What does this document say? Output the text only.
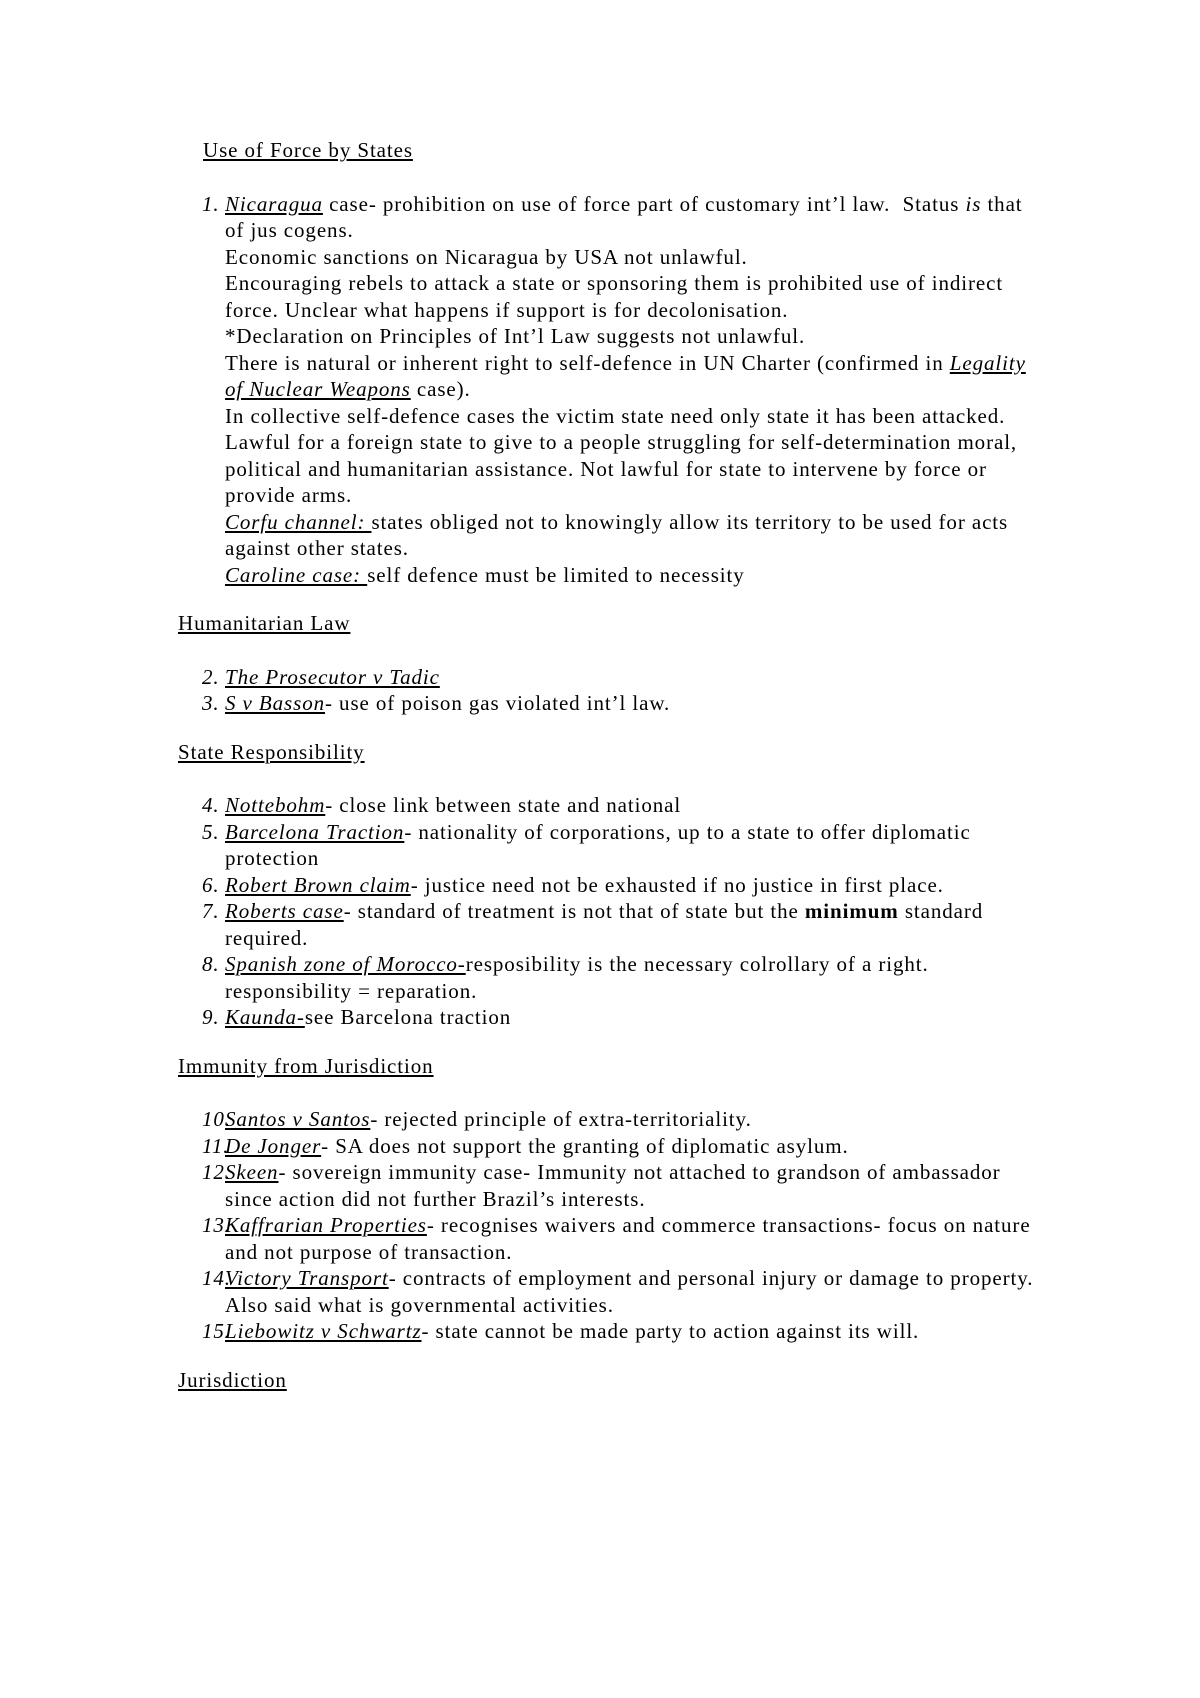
Use of Force by States
1. Nicaragua case- prohibition on use of force part of customary int’l law.  Status is that of jus cogens.
Economic sanctions on Nicaragua by USA not unlawful.
Encouraging rebels to attack a state or sponsoring them is prohibited use of indirect force. Unclear what happens if support is for decolonisation.
*Declaration on Principles of Int’l Law suggests not unlawful.
There is natural or inherent right to self-defence in UN Charter (confirmed in Legality of Nuclear Weapons case).
In collective self-defence cases the victim state need only state it has been attacked.
Lawful for a foreign state to give to a people struggling for self-determination moral, political and humanitarian assistance. Not lawful for state to intervene by force or provide arms.
Corfu channel: states obliged not to knowingly allow its territory to be used for acts against other states.
Caroline case: self defence must be limited to necessity
Humanitarian Law
2. The Prosecutor v Tadic
3. S v Basson- use of poison gas violated int’l law.
State Responsibility
4. Nottebohm- close link between state and national
5. Barcelona Traction- nationality of corporations, up to a state to offer diplomatic protection
6. Robert Brown claim- justice need not be exhausted if no justice in first place.
7. Roberts case- standard of treatment is not that of state but the minimum standard required.
8. Spanish zone of Morocco-resposibility is the necessary colrollary of a right.
responsibility = reparation.
9. Kaunda-see Barcelona traction
Immunity from Jurisdiction
10.
Santos v Santos- rejected principle of extra-territoriality.
11.
De Jonger- SA does not support the granting of diplomatic asylum.
12.
Skeen- sovereign immunity case- Immunity not attached to grandson of ambassador since action did not further Brazil’s interests.
13.
Kaffrarian Properties- recognises waivers and commerce transactions- focus on nature and not purpose of transaction.
14.
Victory Transport- contracts of employment and personal injury or damage to property. Also said what is governmental activities.
15.
Liebowitz v Schwartz- state cannot be made party to action against its will.
Jurisdiction
